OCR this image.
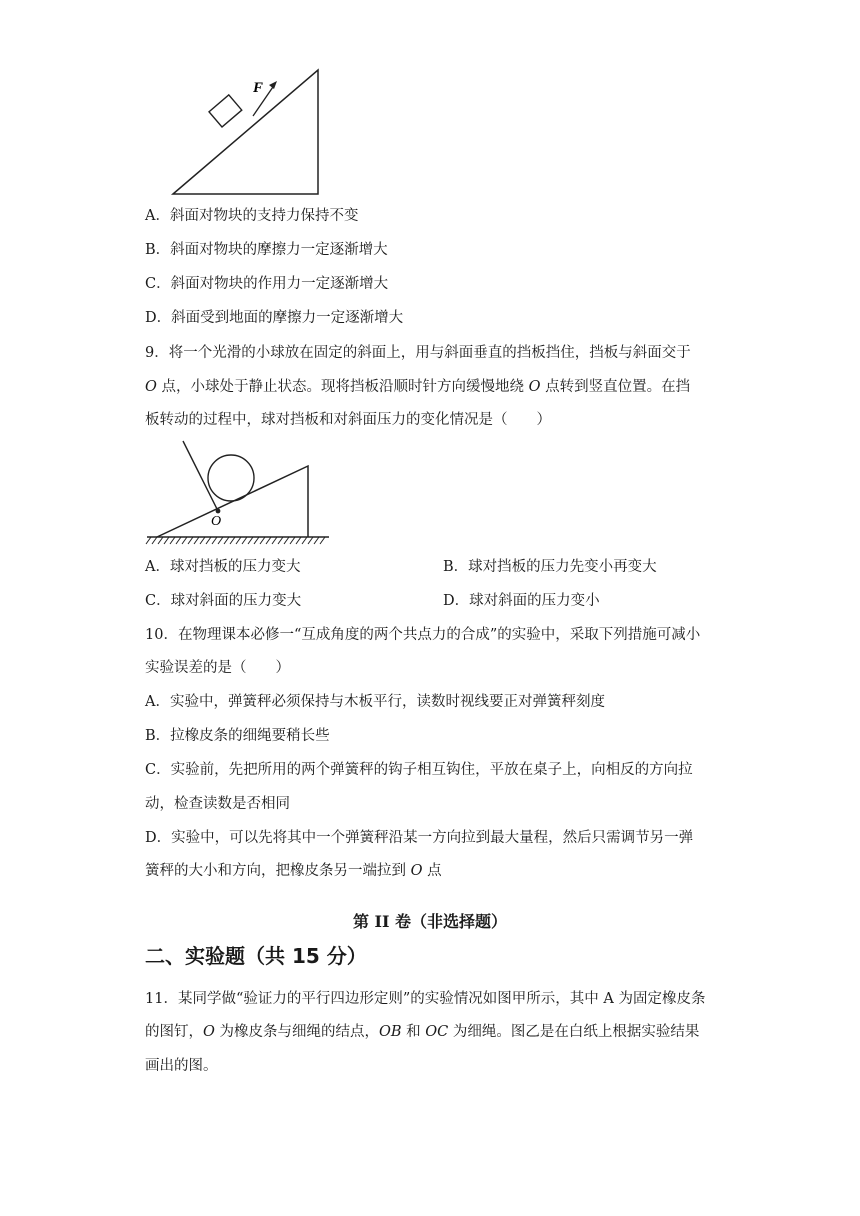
F
A．斜面对物块的支持力保持不变
B．斜面对物块的摩擦力一定逐渐增大
C．斜面对物块的作用力一定逐渐增大
D．斜面受到地面的摩擦力一定逐渐增大
9．将一个光滑的小球放在固定的斜面上，用与斜面垂直的挡板挡住，挡板与斜面交于
O 点，小球处于静止状态。现将挡板沿顺时针方向缓慢地绕 O 点转到竖直位置。在挡
板转动的过程中，球对挡板和对斜面压力的变化情况是（　　）
O
A．球对挡板的压力变大	B．球对挡板的压力先变小再变大
C．球对斜面的压力变大	D．球对斜面的压力变小
10．在物理课本必修一“互成角度的两个共点力的合成”的实验中，采取下列措施可减小
实验误差的是（　　）
A．实验中，弹簧秤必须保持与木板平行，读数时视线要正对弹簧秤刻度
B．拉橡皮条的细绳要稍长些
C．实验前，先把所用的两个弹簧秤的钩子相互钩住，平放在桌子上，向相反的方向拉
动，检查读数是否相同
D．实验中，可以先将其中一个弹簧秤沿某一方向拉到最大量程，然后只需调节另一弹
簧秤的大小和方向，把橡皮条另一端拉到 O 点
第 II 卷（非选择题）
二、实验题（共 15 分）
11．某同学做“验证力的平行四边形定则”的实验情况如图甲所示，其中 A 为固定橡皮条
的图钉，O 为橡皮条与细绳的结点，OB 和 OC 为细绳。图乙是在白纸上根据实验结果
画出的图。
